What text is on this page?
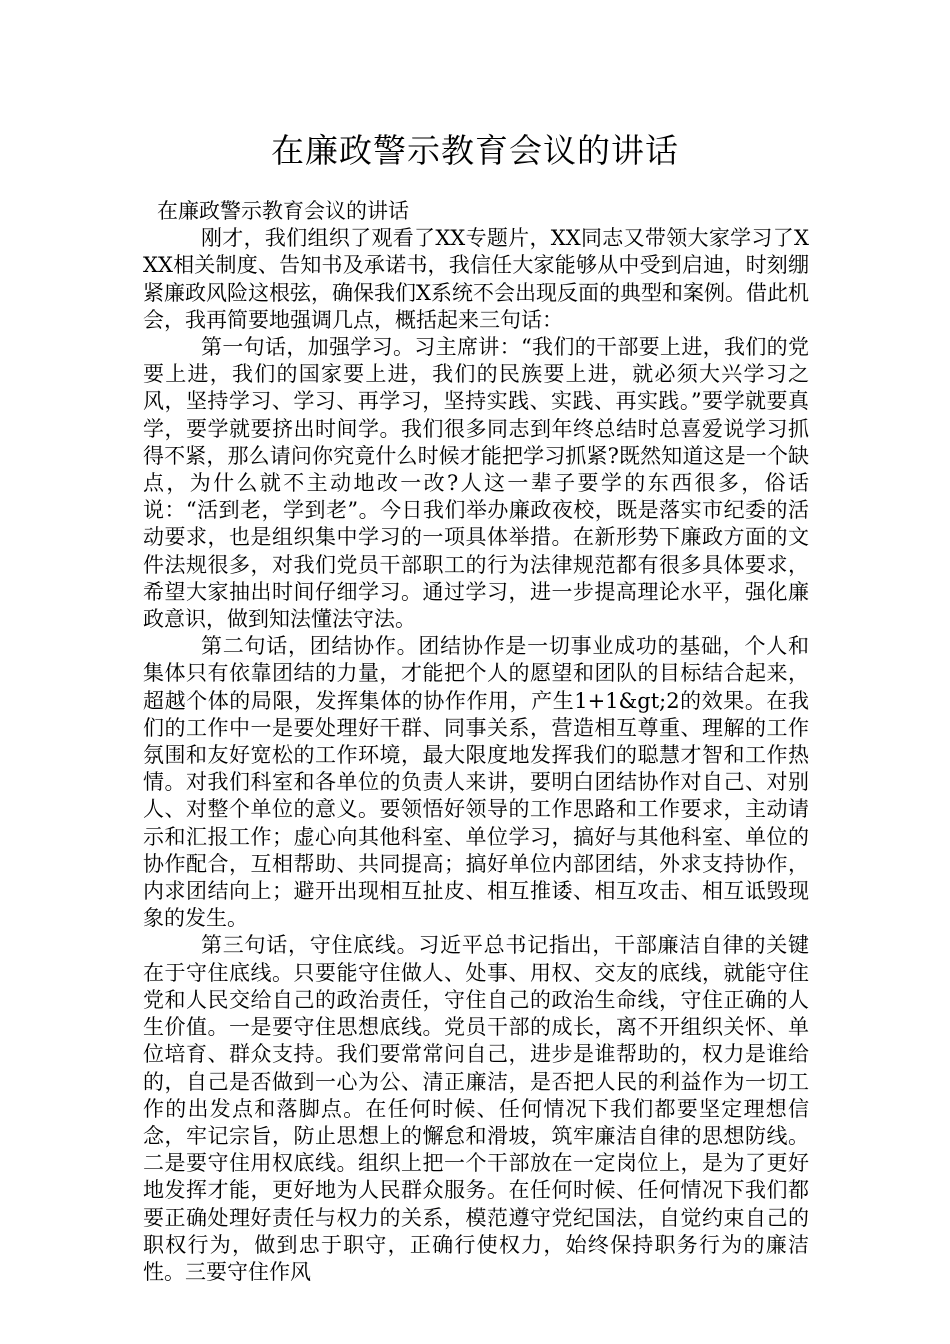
在廉政警示教育会议的讲话

在廉政警示教育会议的讲话

刚才，我们组织了观看了XX专题片，XX同志又带领大家学习了XXX相关制度、告知书及承诺书，我信任大家能够从中受到启迪，时刻绷紧廉政风险这根弦，确保我们X系统不会出现反面的典型和案例。借此机会，我再简要地强调几点，概括起来三句话：

第一句话，加强学习。习主席讲：“我们的干部要上进，我们的党要上进，我们的国家要上进，我们的民族要上进，就必须大兴学习之风，坚持学习、学习、再学习，坚持实践、实践、再实践。”要学就要真学，要学就要挤出时间学。我们很多同志到年终总结时总喜爱说学习抓得不紧，那么请问你究竟什么时候才能把学习抓紧?既然知道这是一个缺点，为什么就不主动地改一改?人这一辈子要学的东西很多，俗话说：“活到老，学到老”。今日我们举办廉政夜校，既是落实市纪委的活动要求，也是组织集中学习的一项具体举措。在新形势下廉政方面的文件法规很多，对我们党员干部职工的行为法律规范都有很多具体要求，希望大家抽出时间仔细学习。通过学习，进一步提高理论水平，强化廉政意识，做到知法懂法守法。

第二句话，团结协作。团结协作是一切事业成功的基础，个人和集体只有依靠团结的力量，才能把个人的愿望和团队的目标结合起来，超越个体的局限，发挥集体的协作作用，产生1+1&gt;2的效果。在我们的工作中一是要处理好干群、同事关系，营造相互尊重、理解的工作氛围和友好宽松的工作环境，最大限度地发挥我们的聪慧才智和工作热情。对我们科室和各单位的负责人来讲，要明白团结协作对自己、对别人、对整个单位的意义。要领悟好领导的工作思路和工作要求，主动请示和汇报工作；虚心向其他科室、单位学习，搞好与其他科室、单位的协作配合，互相帮助、共同提高；搞好单位内部团结，外求支持协作，内求团结向上；避开出现相互扯皮、相互推诿、相互攻击、相互诋毁现象的发生。

第三句话，守住底线。习近平总书记指出，干部廉洁自律的关键在于守住底线。只要能守住做人、处事、用权、交友的底线，就能守住党和人民交给自己的政治责任，守住自己的政治生命线，守住正确的人生价值。一是要守住思想底线。党员干部的成长，离不开组织关怀、单位培育、群众支持。我们要常常问自己，进步是谁帮助的，权力是谁给的，自己是否做到一心为公、清正廉洁，是否把人民的利益作为一切工作的出发点和落脚点。在任何时候、任何情况下我们都要坚定理想信念，牢记宗旨，防止思想上的懈怠和滑坡，筑牢廉洁自律的思想防线。二是要守住用权底线。组织上把一个干部放在一定岗位上，是为了更好地发挥才能，更好地为人民群众服务。在任何时候、任何情况下我们都要正确处理好责任与权力的关系，模范遵守党纪国法，自觉约束自己的职权行为，做到忠于职守，正确行使权力，始终保持职务行为的廉洁性。三要守住作风
